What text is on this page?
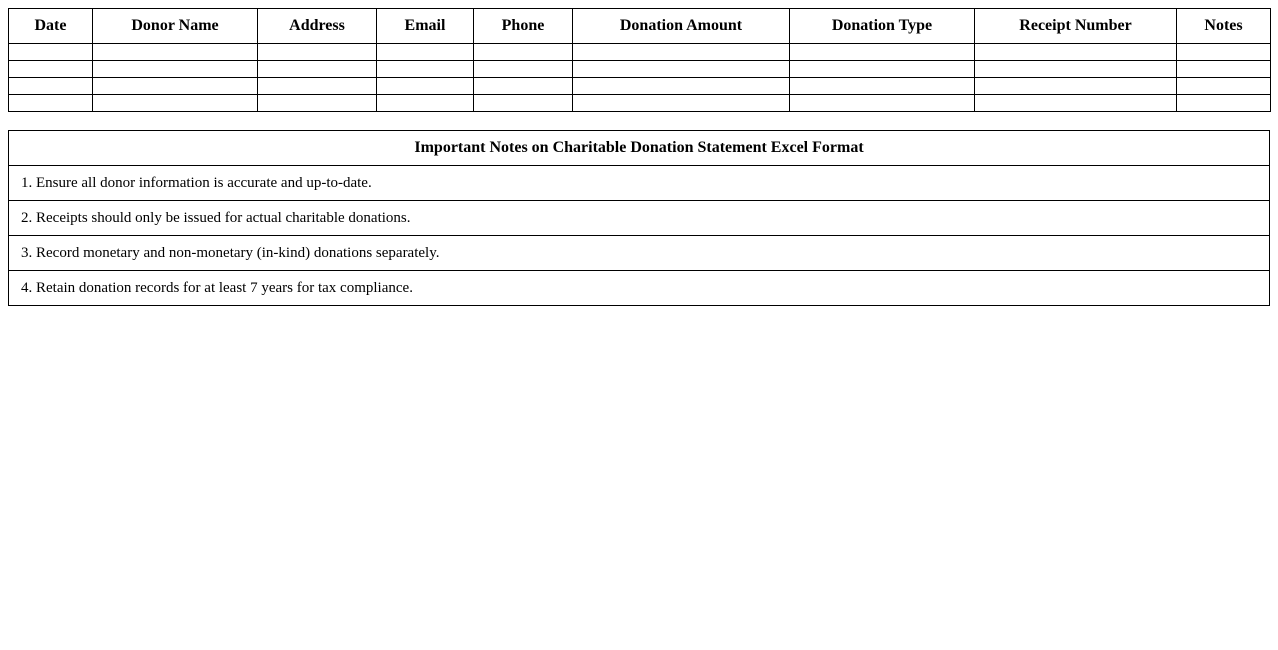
Date	Donor Name	Address	Email	Phone	Donation Amount	Donation Type	Receipt Number	Notes

Important Notes on Charitable Donation Statement Excel Format
1. Ensure all donor information is accurate and up-to-date.
2. Receipts should only be issued for actual charitable donations.
3. Record monetary and non-monetary (in-kind) donations separately.
4. Retain donation records for at least 7 years for tax compliance.
